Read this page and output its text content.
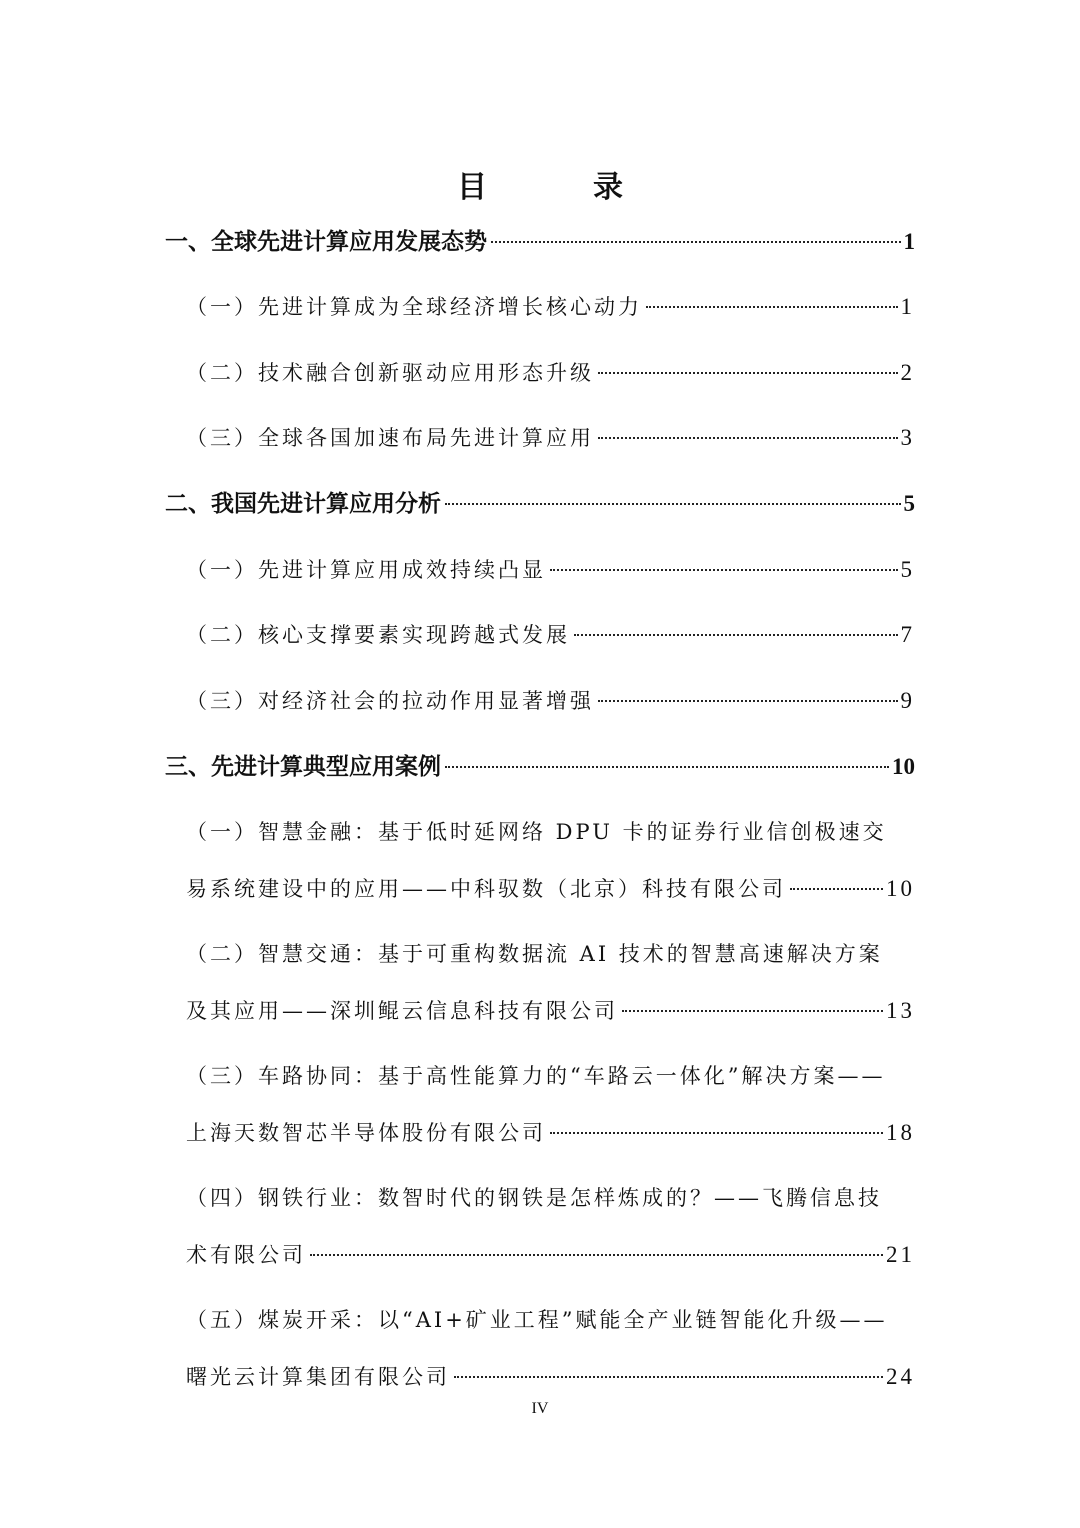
目　录
一、全球先进计算应用发展态势	1
（一）先进计算成为全球经济增长核心动力	1
（二）技术融合创新驱动应用形态升级	2
（三）全球各国加速布局先进计算应用	3
二、我国先进计算应用分析	5
（一）先进计算应用成效持续凸显	5
（二）核心支撑要素实现跨越式发展	7
（三）对经济社会的拉动作用显著增强	9
三、先进计算典型应用案例	10
（一）智慧金融：基于低时延网络 DPU 卡的证券行业信创极速交
易系统建设中的应用——中科驭数（北京）科技有限公司	10
（二）智慧交通：基于可重构数据流 AI 技术的智慧高速解决方案
及其应用——深圳鲲云信息科技有限公司	13
（三）车路协同：基于高性能算力的“车路云一体化”解决方案——
上海天数智芯半导体股份有限公司	18
（四）钢铁行业：数智时代的钢铁是怎样炼成的？——飞腾信息技
术有限公司	21
（五）煤炭开采：以“AI+矿业工程”赋能全产业链智能化升级——
曙光云计算集团有限公司	24
IV
